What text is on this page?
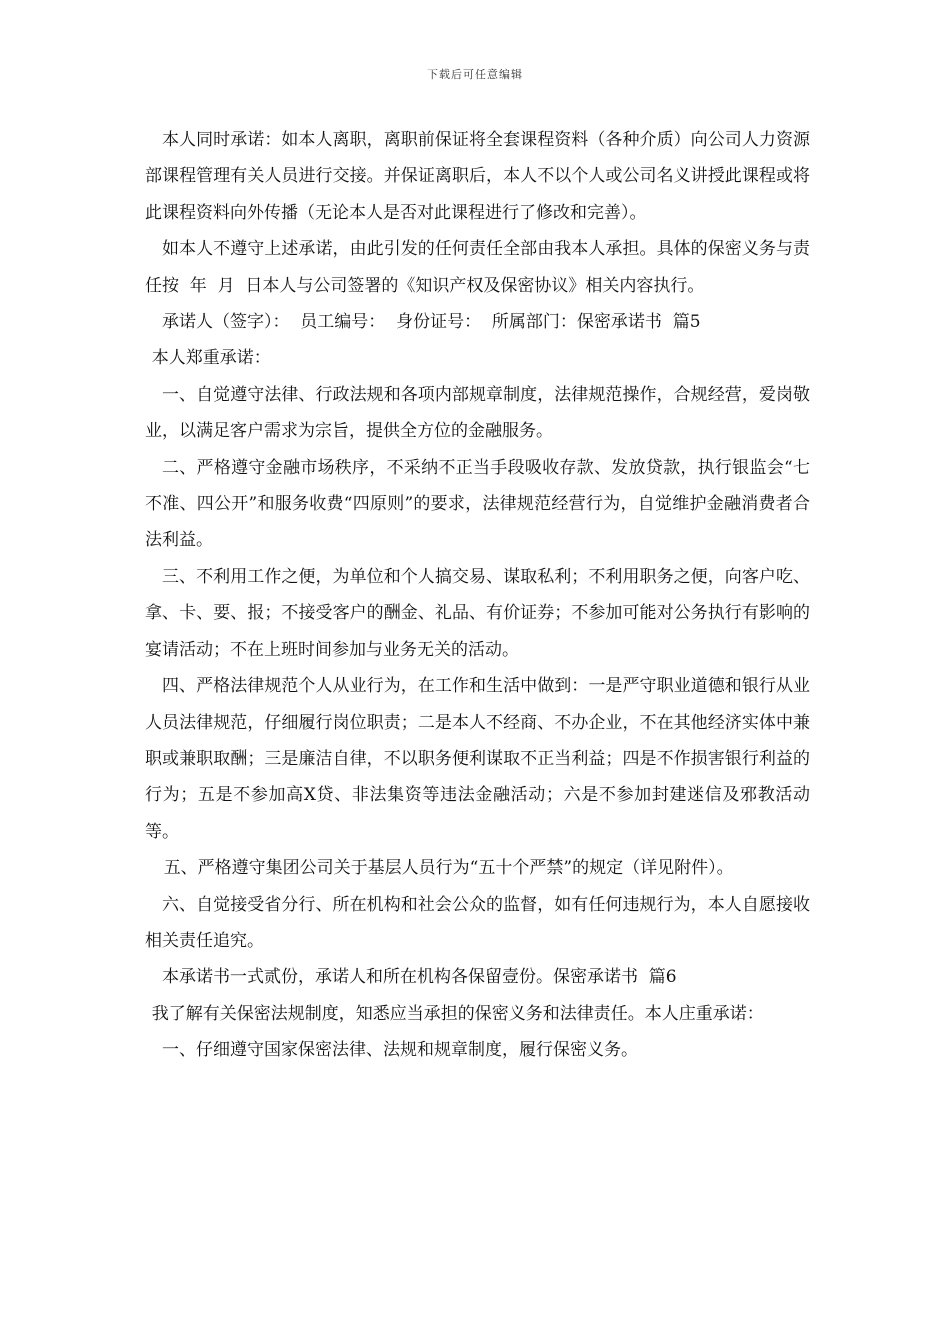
下载后可任意编辑

本人同时承诺：如本人离职，离职前保证将全套课程资料（各种介质）向公司人力资源部课程管理有关人员进行交接。并保证离职后，本人不以个人或公司名义讲授此课程或将此课程资料向外传播（无论本人是否对此课程进行了修改和完善）。

如本人不遵守上述承诺，由此引发的任何责任全部由我本人承担。具体的保密义务与责任按  年  月  日本人与公司签署的《知识产权及保密协议》相关内容执行。

承诺人（签字）：  员工编号：  身份证号：  所属部门：保密承诺书  篇5

本人郑重承诺：

一、自觉遵守法律、行政法规和各项内部规章制度，法律规范操作，合规经营，爱岗敬业，以满足客户需求为宗旨，提供全方位的金融服务。

二、严格遵守金融市场秩序，不采纳不正当手段吸收存款、发放贷款，执行银监会“七不准、四公开”和服务收费“四原则”的要求，法律规范经营行为，自觉维护金融消费者合法利益。

三、不利用工作之便，为单位和个人搞交易、谋取私利；不利用职务之便，向客户吃、拿、卡、要、报；不接受客户的酬金、礼品、有价证券；不参加可能对公务执行有影响的宴请活动；不在上班时间参加与业务无关的活动。

四、严格法律规范个人从业行为，在工作和生活中做到：一是严守职业道德和银行从业人员法律规范，仔细履行岗位职责；二是本人不经商、不办企业，不在其他经济实体中兼职或兼职取酬；三是廉洁自律，不以职务便利谋取不正当利益；四是不作损害银行利益的行为；五是不参加高X贷、非法集资等违法金融活动；六是不参加封建迷信及邪教活动等。

五、严格遵守集团公司关于基层人员行为“五十个严禁”的规定（详见附件）。

六、自觉接受省分行、所在机构和社会公众的监督，如有任何违规行为，本人自愿接收相关责任追究。

本承诺书一式贰份，承诺人和所在机构各保留壹份。保密承诺书  篇6

我了解有关保密法规制度，知悉应当承担的保密义务和法律责任。本人庄重承诺：

一、仔细遵守国家保密法律、法规和规章制度，履行保密义务。
